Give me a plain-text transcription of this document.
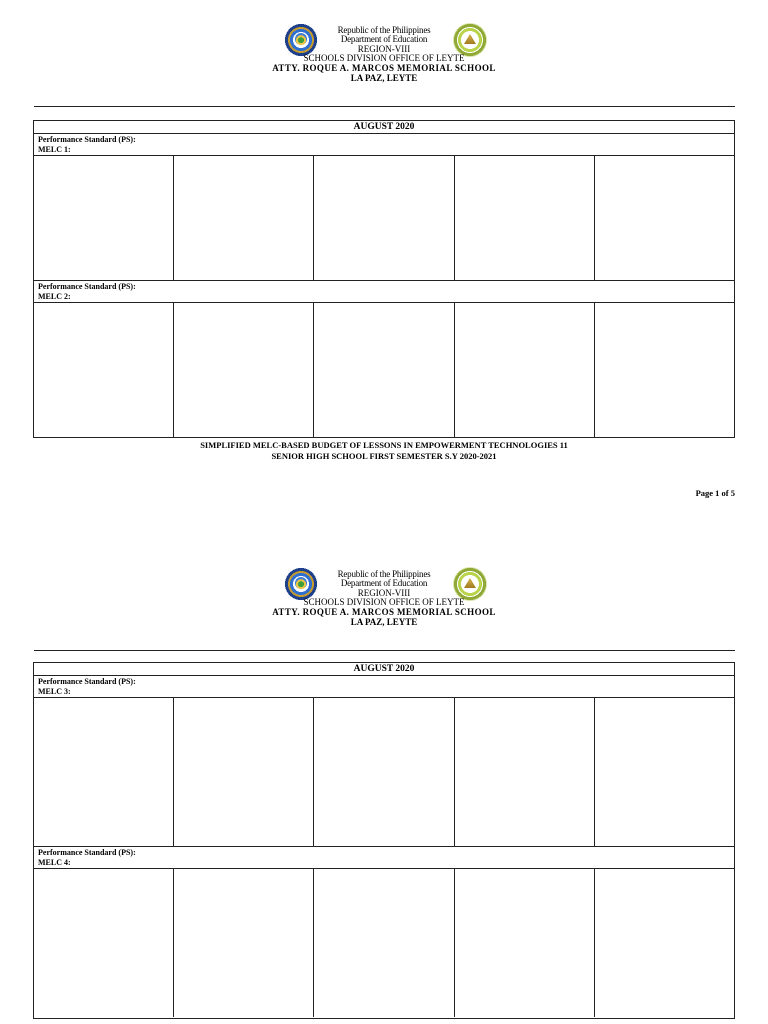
Republic of the Philippines
Department of Education
REGION-VIII
SCHOOLS DIVISION OFFICE OF LEYTE
ATTY. ROQUE A. MARCOS MEMORIAL SCHOOL
LA PAZ, LEYTE
AUGUST 2020
Performance Standard (PS):
MELC 1:
Performance Standard (PS):
MELC 2:
SIMPLIFIED MELC-BASED BUDGET OF LESSONS IN EMPOWERMENT TECHNOLOGIES 11
SENIOR HIGH SCHOOL FIRST SEMESTER S.Y 2020-2021
Page 1 of 5
Republic of the Philippines
Department of Education
REGION-VIII
SCHOOLS DIVISION OFFICE OF LEYTE
ATTY. ROQUE A. MARCOS MEMORIAL SCHOOL
LA PAZ, LEYTE
AUGUST 2020
Performance Standard (PS):
MELC 3:
Performance Standard (PS):
MELC 4:
